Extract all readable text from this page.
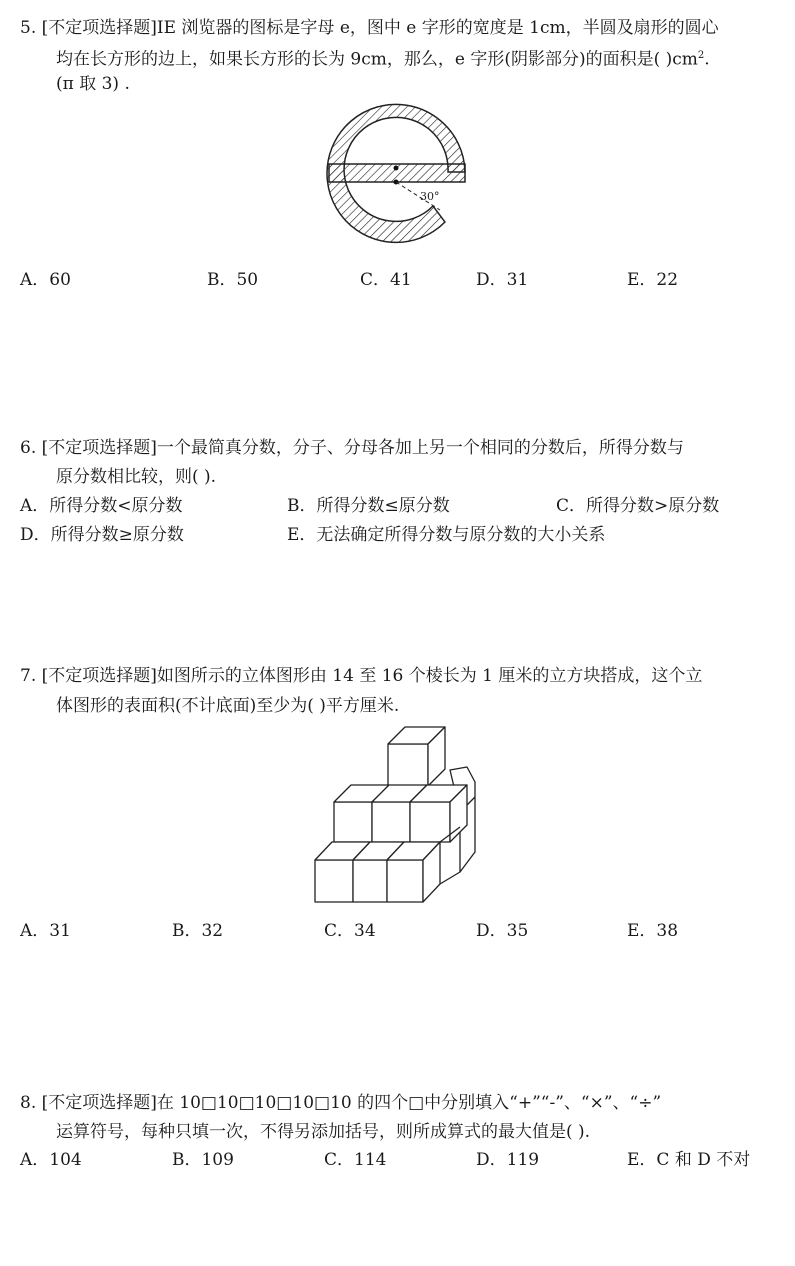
5. [不定项选择题]IE 浏览器的图标是字母 e，图中 e 字形的宽度是 1cm，半圆及扇形的圆心
均在长方形的边上，如果长方形的长为 9cm，那么，e 字形(阴影部分)的面积是( )$cm^2$.
(π 取 3) .
30°
A．60	B．50	C．41	D．31	E．22
6. [不定项选择题]一个最简真分数，分子、分母各加上另一个相同的分数后，所得分数与
原分数相比较，则( ).
A．所得分数<原分数	B．所得分数≤原分数	C．所得分数>原分数
D．所得分数≥原分数	E．无法确定所得分数与原分数的大小关系
7. [不定项选择题]如图所示的立体图形由 14 至 16 个棱长为 1 厘米的立方块搭成，这个立
体图形的表面积(不计底面)至少为( )平方厘米.
A．31	B．32	C．34	D．35	E．38
8. [不定项选择题]在 10□10□10□10□10 的四个□中分别填入“+”“-”、“×”、“÷”
运算符号，每种只填一次，不得另添加括号，则所成算式的最大值是( ).
A．104	B．109	C．114	D．119	E．C 和 D 不对
